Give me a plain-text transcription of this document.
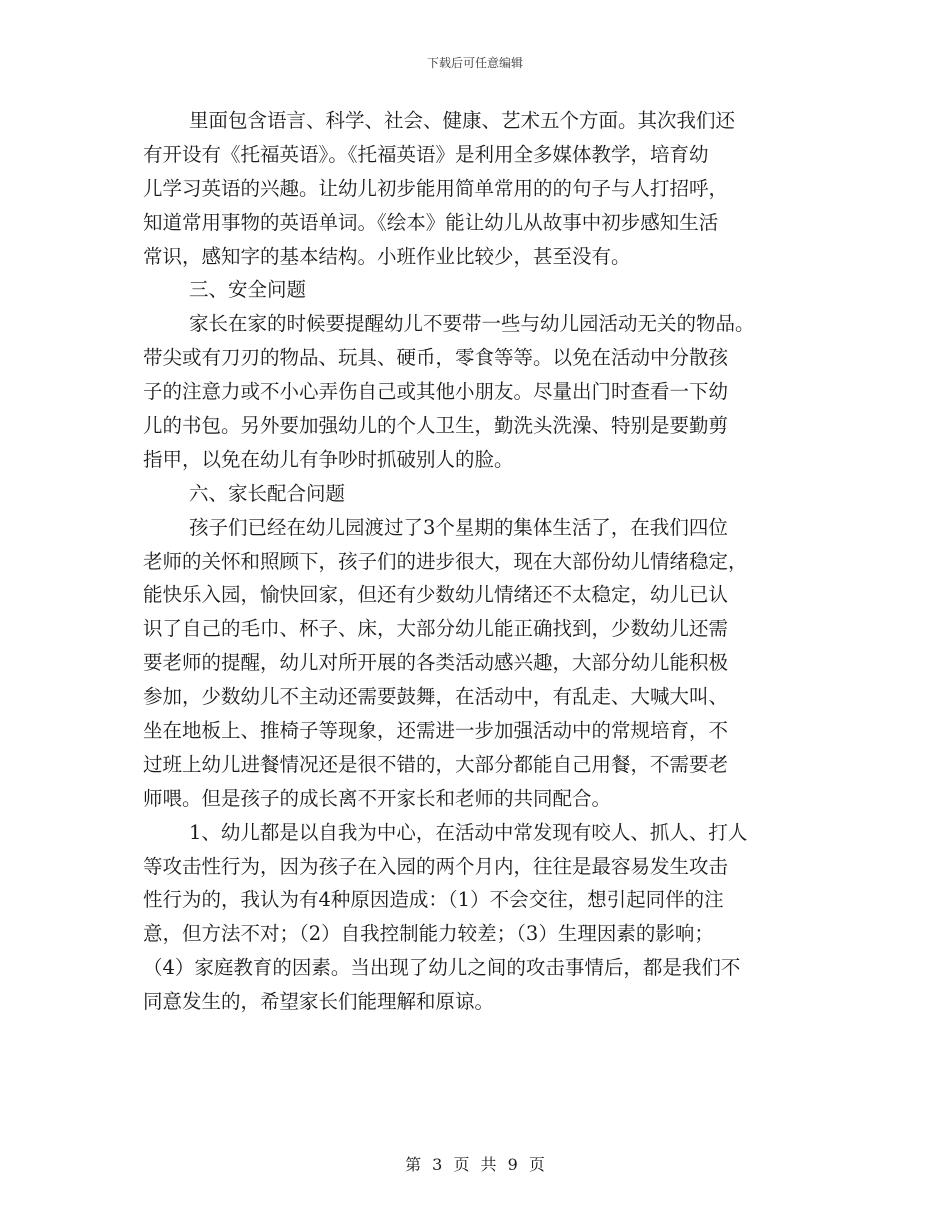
下载后可任意编辑
里面包含语言、科学、社会、健康、艺术五个方面。其次我们还
有开设有《托福英语》。《托福英语》是利用全多媒体教学，培育幼
儿学习英语的兴趣。让幼儿初步能用简单常用的的句子与人打招呼，
知道常用事物的英语单词。《绘本》能让幼儿从故事中初步感知生活
常识，感知字的基本结构。小班作业比较少，甚至没有。
三、安全问题
家长在家的时候要提醒幼儿不要带一些与幼儿园活动无关的物品。
带尖或有刀刃的物品、玩具、硬币，零食等等。以免在活动中分散孩
子的注意力或不小心弄伤自己或其他小朋友。尽量出门时查看一下幼
儿的书包。另外要加强幼儿的个人卫生，勤洗头洗澡、特别是要勤剪
指甲，以免在幼儿有争吵时抓破别人的脸。
六、家长配合问题
孩子们已经在幼儿园渡过了3个星期的集体生活了，在我们四位
老师的关怀和照顾下，孩子们的进步很大，现在大部份幼儿情绪稳定，
能快乐入园，愉快回家，但还有少数幼儿情绪还不太稳定，幼儿已认
识了自己的毛巾、杯子、床，大部分幼儿能正确找到，少数幼儿还需
要老师的提醒，幼儿对所开展的各类活动感兴趣，大部分幼儿能积极
参加，少数幼儿不主动还需要鼓舞，在活动中，有乱走、大喊大叫、
坐在地板上、推椅子等现象，还需进一步加强活动中的常规培育，不
过班上幼儿进餐情况还是很不错的，大部分都能自己用餐，不需要老
师喂。但是孩子的成长离不开家长和老师的共同配合。
1、幼儿都是以自我为中心，在活动中常发现有咬人、抓人、打人
等攻击性行为，因为孩子在入园的两个月内，往往是最容易发生攻击
性行为的，我认为有4种原因造成：（1）不会交往，想引起同伴的注
意，但方法不对；（2）自我控制能力较差；（3）生理因素的影响；
（4）家庭教育的因素。当出现了幼儿之间的攻击事情后，都是我们不
同意发生的，希望家长们能理解和原谅。
第 3 页 共 9 页
